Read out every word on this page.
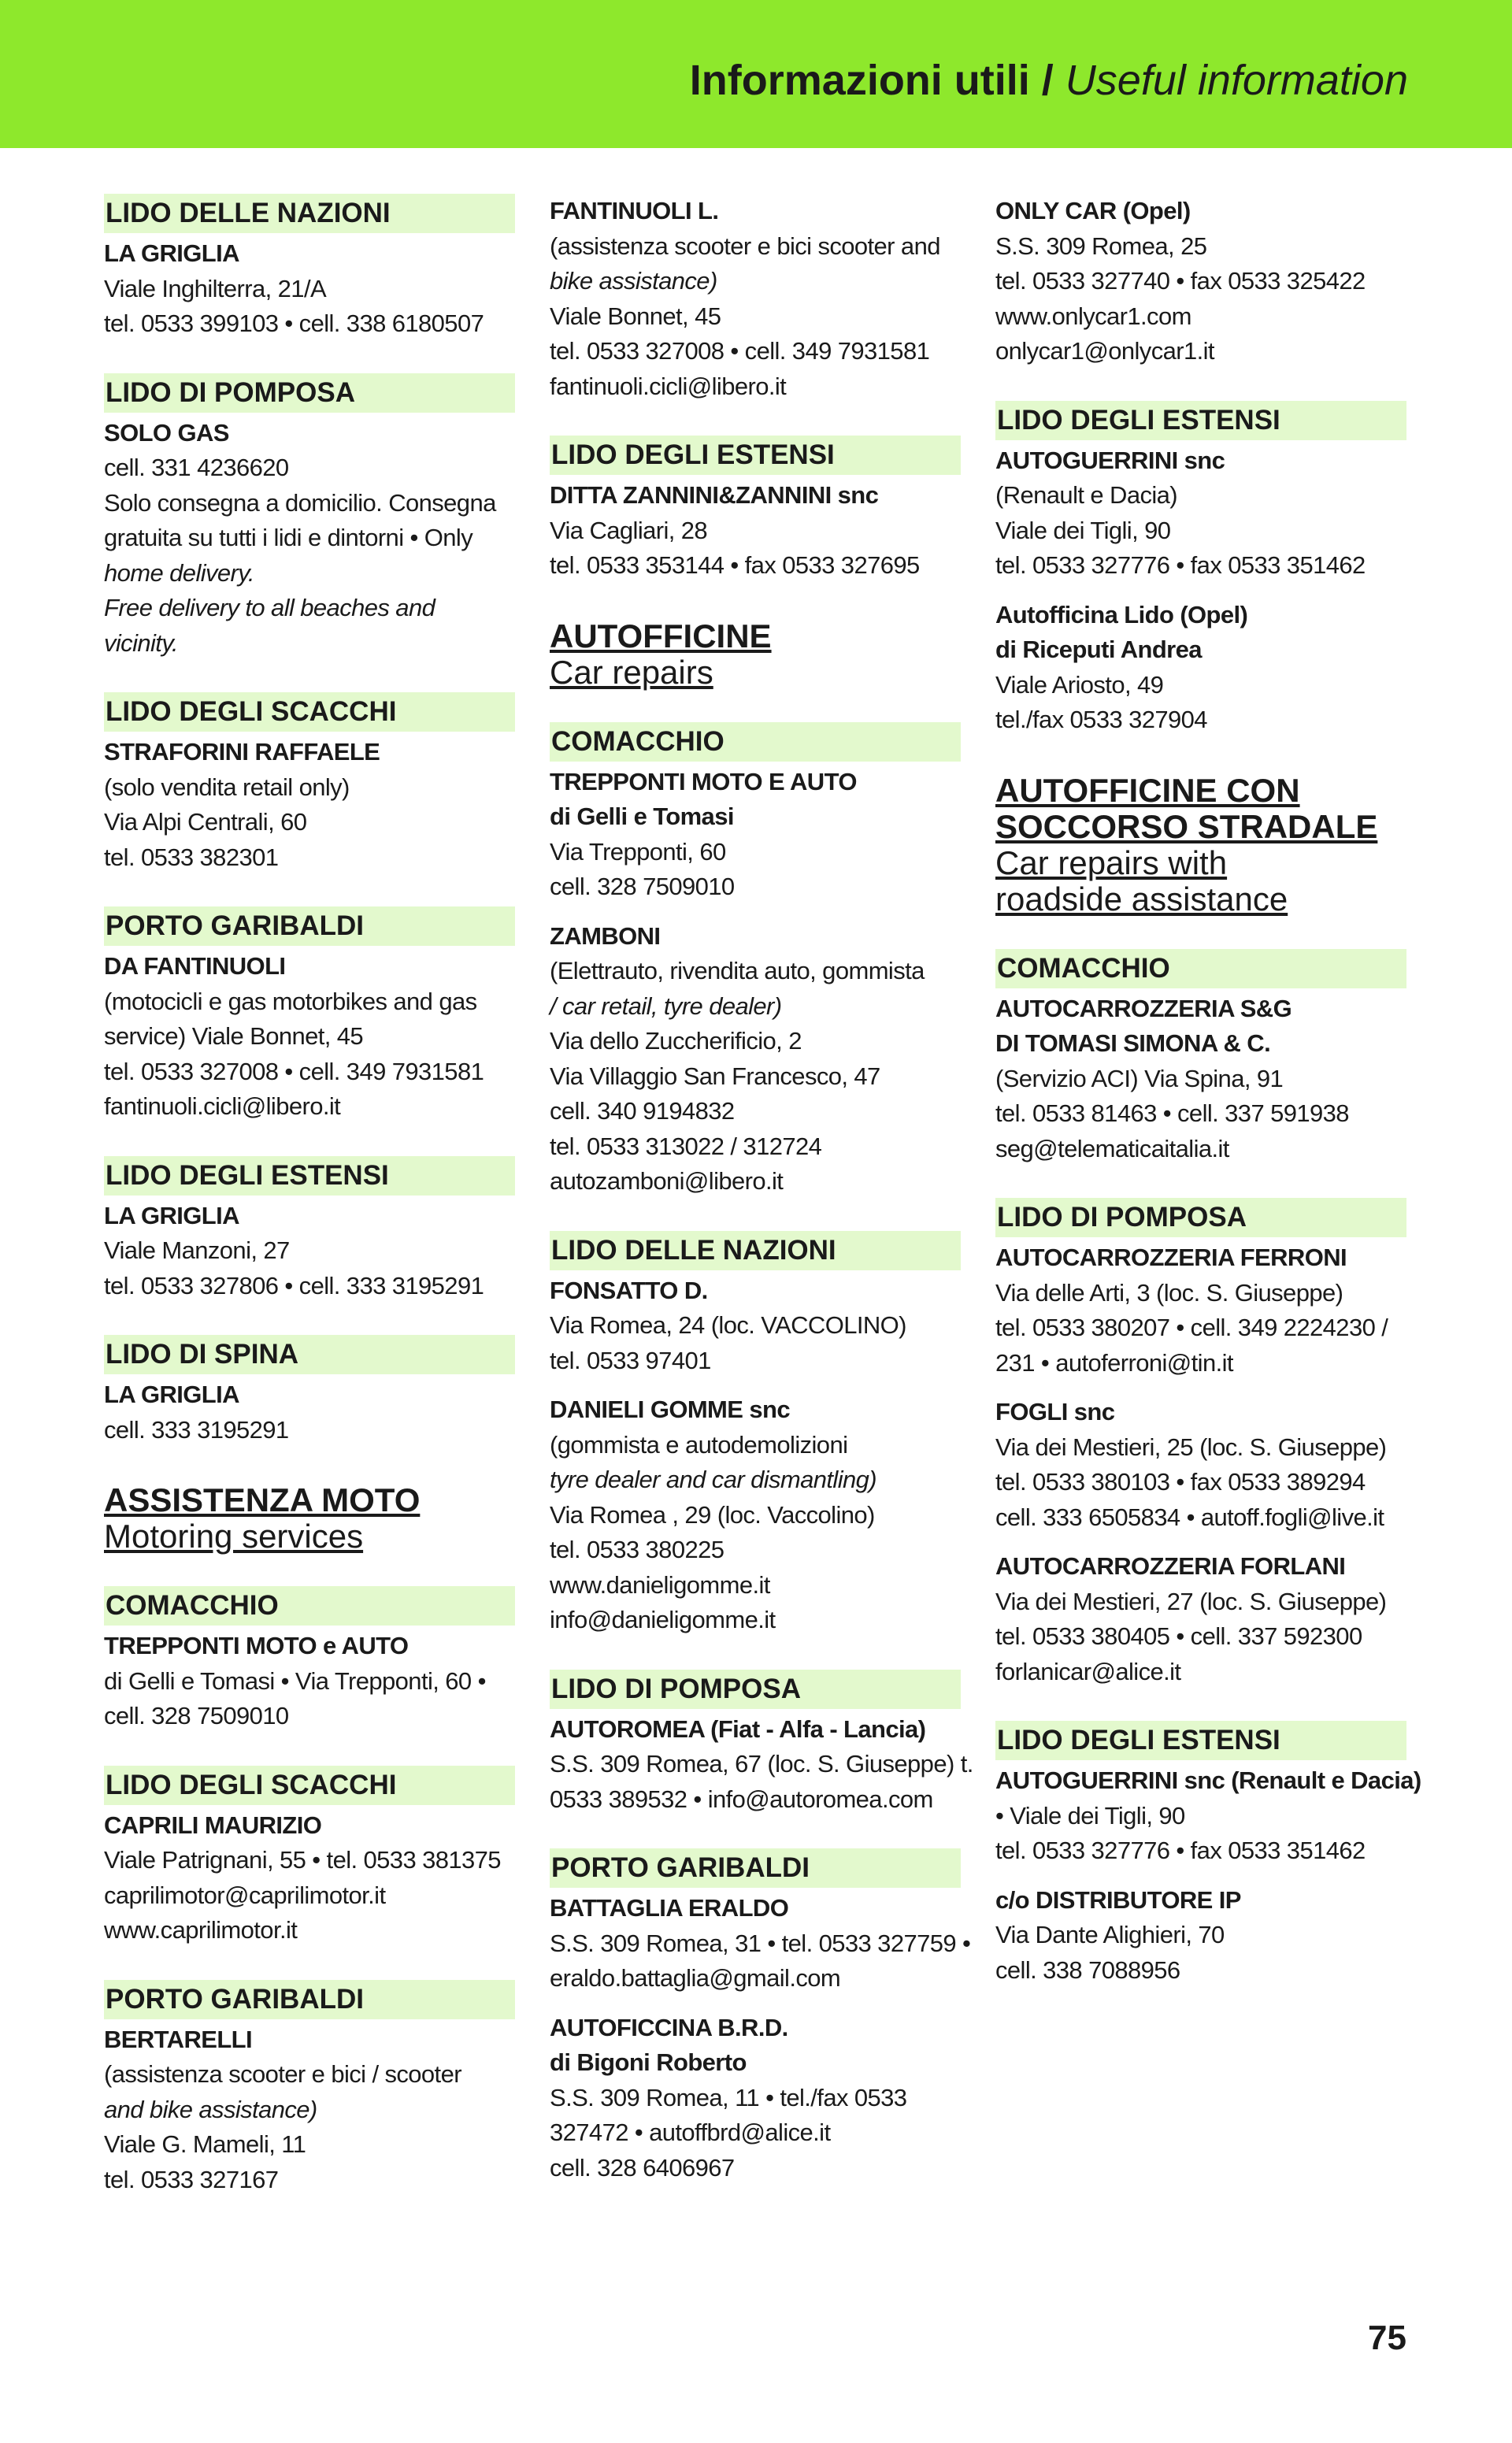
Informazioni utili / Useful information
LIDO DELLE NAZIONI
LA GRIGLIA
Viale Inghilterra, 21/A
tel. 0533 399103 • cell. 338 6180507
LIDO DI POMPOSA
SOLO GAS
cell. 331 4236620
Solo consegna a domicilio. Consegna
gratuita su tutti i lidi e dintorni • Only
home delivery.
Free delivery to all beaches and
vicinity.
LIDO DEGLI SCACCHI
STRAFORINI RAFFAELE
(solo vendita retail only)
Via Alpi Centrali, 60
tel. 0533 382301
PORTO GARIBALDI
DA FANTINUOLI
(motocicli e gas motorbikes and gas
service) Viale Bonnet, 45
tel. 0533 327008 • cell. 349 7931581
fantinuoli.cicli@libero.it
LIDO DEGLI ESTENSI
LA GRIGLIA
Viale Manzoni, 27
tel. 0533 327806 • cell. 333 3195291
LIDO DI SPINA
LA GRIGLIA
cell. 333 3195291
ASSISTENZA MOTO
Motoring services
COMACCHIO
TREPPONTI MOTO e AUTO
di Gelli e Tomasi • Via Trepponti, 60 •
cell. 328 7509010
LIDO DEGLI SCACCHI
CAPRILI MAURIZIO
Viale Patrignani, 55 • tel. 0533 381375
caprilimotor@caprilimotor.it
www.caprilimotor.it
PORTO GARIBALDI
BERTARELLI
(assistenza scooter e bici / scooter
and bike assistance)
Viale G. Mameli, 11
tel. 0533 327167
FANTINUOLI L.
(assistenza scooter e bici scooter and
bike assistance)
Viale Bonnet, 45
tel. 0533 327008 • cell. 349 7931581
fantinuoli.cicli@libero.it
LIDO DEGLI ESTENSI
DITTA ZANNINI&ZANNINI snc
Via Cagliari, 28
tel. 0533 353144 • fax 0533 327695
AUTOFFICINE
Car repairs
COMACCHIO
TREPPONTI MOTO E AUTO
di Gelli e Tomasi
Via Trepponti, 60
cell. 328 7509010
ZAMBONI
(Elettrauto, rivendita auto, gommista
/ car retail, tyre dealer)
Via dello Zuccherificio, 2
Via Villaggio San Francesco, 47
cell. 340 9194832
tel. 0533 313022 / 312724
autozamboni@libero.it
LIDO DELLE NAZIONI
FONSATTO D.
Via Romea, 24 (loc. VACCOLINO)
tel. 0533 97401
DANIELI GOMME snc
(gommista e autodemolizioni
tyre dealer and car dismantling)
Via Romea , 29 (loc. Vaccolino)
tel. 0533 380225
www.danieligomme.it
info@danieligomme.it
LIDO DI POMPOSA
AUTOROMEA (Fiat - Alfa - Lancia)
S.S. 309 Romea, 67 (loc. S. Giuseppe) t.
0533 389532 • info@autoromea.com
PORTO GARIBALDI
BATTAGLIA ERALDO
S.S. 309 Romea, 31 • tel. 0533 327759 •
eraldo.battaglia@gmail.com
AUTOFICCINA B.R.D.
di Bigoni Roberto
S.S. 309 Romea, 11 • tel./fax 0533
327472 • autoffbrd@alice.it
cell. 328 6406967
ONLY CAR (Opel)
S.S. 309 Romea, 25
tel. 0533 327740 • fax 0533 325422
www.onlycar1.com
onlycar1@onlycar1.it
LIDO DEGLI ESTENSI
AUTOGUERRINI snc
(Renault e Dacia)
Viale dei Tigli, 90
tel. 0533 327776 • fax 0533 351462
Autofficina Lido (Opel)
di Riceputi Andrea
Viale Ariosto, 49
tel./fax 0533 327904
AUTOFFICINE CON
SOCCORSO STRADALE
Car repairs with
roadside assistance
COMACCHIO
AUTOCARROZZERIA S&G
DI TOMASI SIMONA & C.
(Servizio ACI) Via Spina, 91
tel. 0533 81463 • cell. 337 591938
seg@telematicaitalia.it
LIDO DI POMPOSA
AUTOCARROZZERIA FERRONI
Via delle Arti, 3 (loc. S. Giuseppe)
tel. 0533 380207 • cell. 349 2224230 /
231 • autoferroni@tin.it
FOGLI snc
Via dei Mestieri, 25 (loc. S. Giuseppe)
tel. 0533 380103 • fax 0533 389294
cell. 333 6505834 • autoff.fogli@live.it
AUTOCARROZZERIA FORLANI
Via dei Mestieri, 27 (loc. S. Giuseppe)
tel. 0533 380405 • cell. 337 592300
forlanicar@alice.it
LIDO DEGLI ESTENSI
AUTOGUERRINI snc (Renault e Dacia)
• Viale dei Tigli, 90
tel. 0533 327776 • fax 0533 351462
c/o DISTRIBUTORE IP
Via Dante Alighieri, 70
cell. 338 7088956
75
